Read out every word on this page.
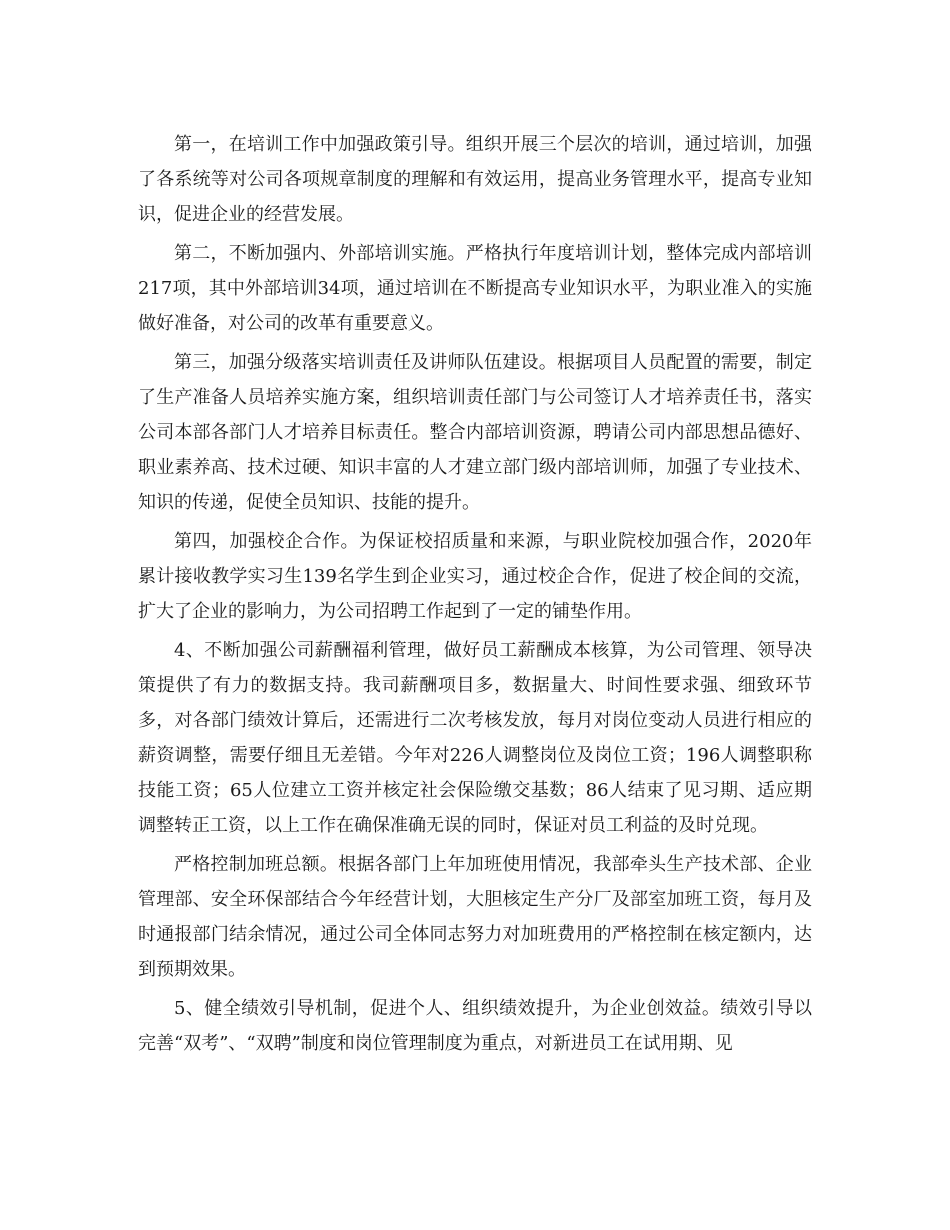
第一，在培训工作中加强政策引导。组织开展三个层次的培训，通过培训，加强了各系统等对公司各项规章制度的理解和有效运用，提高业务管理水平，提高专业知识，促进企业的经营发展。

第二，不断加强内、外部培训实施。严格执行年度培训计划，整体完成内部培训217项，其中外部培训34项，通过培训在不断提高专业知识水平，为职业准入的实施做好准备，对公司的改革有重要意义。

第三，加强分级落实培训责任及讲师队伍建设。根据项目人员配置的需要，制定了生产准备人员培养实施方案，组织培训责任部门与公司签订人才培养责任书，落实公司本部各部门人才培养目标责任。整合内部培训资源，聘请公司内部思想品德好、职业素养高、技术过硬、知识丰富的人才建立部门级内部培训师，加强了专业技术、知识的传递，促使全员知识、技能的提升。

第四，加强校企合作。为保证校招质量和来源，与职业院校加强合作，2020年累计接收教学实习生139名学生到企业实习，通过校企合作，促进了校企间的交流，扩大了企业的影响力，为公司招聘工作起到了一定的铺垫作用。

4、不断加强公司薪酬福利管理，做好员工薪酬成本核算，为公司管理、领导决策提供了有力的数据支持。我司薪酬项目多，数据量大、时间性要求强、细致环节多，对各部门绩效计算后，还需进行二次考核发放，每月对岗位变动人员进行相应的薪资调整，需要仔细且无差错。今年对226人调整岗位及岗位工资；196人调整职称技能工资；65人位建立工资并核定社会保险缴交基数；86人结束了见习期、适应期调整转正工资，以上工作在确保准确无误的同时，保证对员工利益的及时兑现。

严格控制加班总额。根据各部门上年加班使用情况，我部牵头生产技术部、企业管理部、安全环保部结合今年经营计划，大胆核定生产分厂及部室加班工资，每月及时通报部门结余情况，通过公司全体同志努力对加班费用的严格控制在核定额内，达到预期效果。

5、健全绩效引导机制，促进个人、组织绩效提升，为企业创效益。绩效引导以完善“双考”、“双聘”制度和岗位管理制度为重点，对新进员工在试用期、见
